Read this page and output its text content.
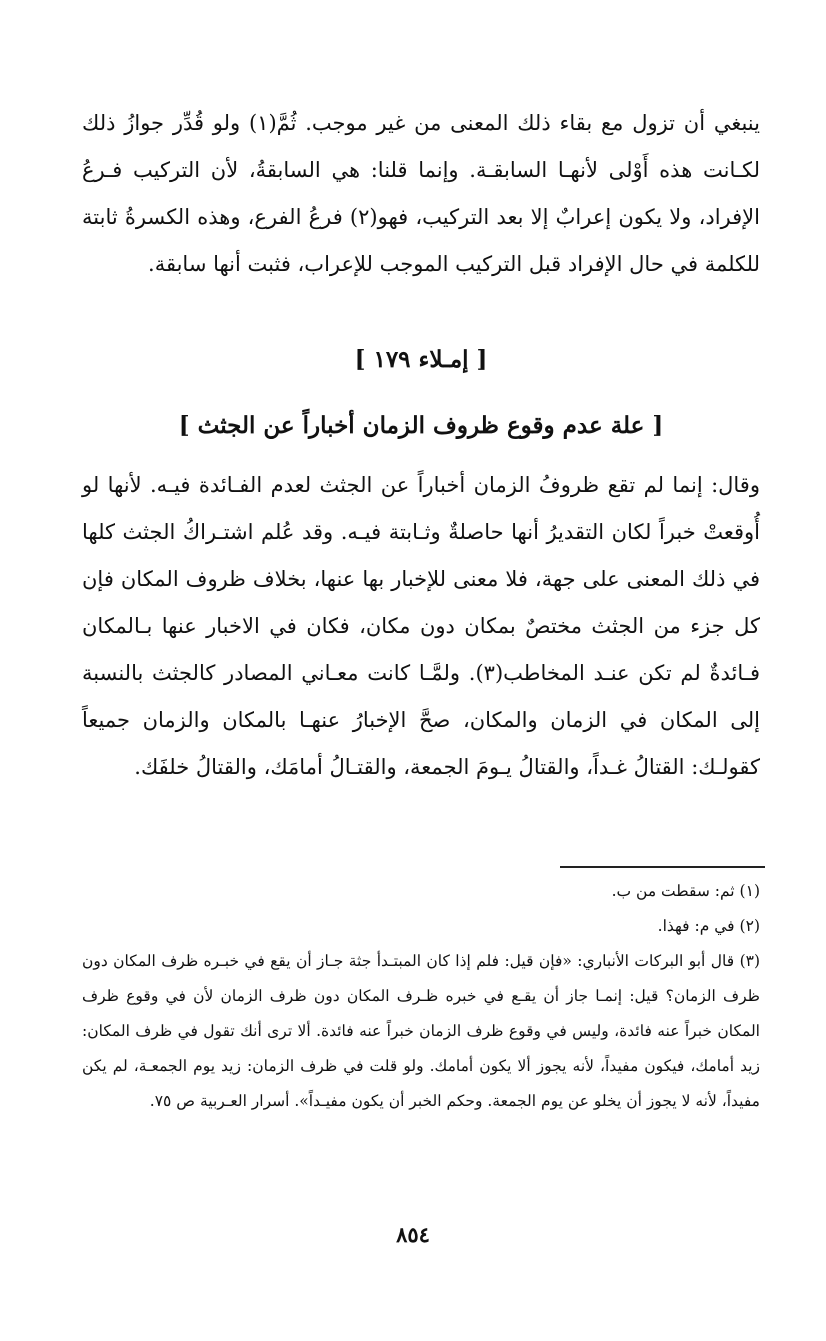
ينبغي أن تزول مع بقاء ذلك المعنى من غير موجب. ثُمَّ(١) ولو قُدِّر جوازُ ذلك لكـانت هذه أَوْلى لأنهـا السابقـة. وإنما قلنا: هي السابقةُ، لأن التركيب فـرعُ الإفراد، ولا يكون إعرابٌ إلا بعد التركيب، فهو(٢) فرعُ الفرع، وهذه الكسرةُ ثابتة للكلمة في حال الإفراد قبل التركيب الموجب للإعراب، فثبت أنها سابقة.

[ إمـلاء ١٧٩ ]

[ علة عدم وقوع ظروف الزمان أخباراً عن الجثث ]

وقال: إنما لم تقع ظروفُ الزمان أخباراً عن الجثث لعدم الفـائدة فيـه. لأنها لو أُوقعتْ خبراً لكان التقديرُ أنها حاصلةٌ وثـابتة فيـه. وقد عُلم اشتـراكُ الجثث كلها في ذلك المعنى على جهة، فلا معنى للإخبار بها عنها، بخلاف ظروف المكان فإن كل جزء من الجثث مختصٌ بمكان دون مكان، فكان في الاخبار عنها بـالمكان فـائدةٌ لم تكن عنـد المخاطب(٣). ولمَّـا كانت معـاني المصادر كالجثث بالنسبة إلى المكان في الزمان والمكان، صحَّ الإخبارُ عنهـا بالمكان والزمان جميعاً كقولـك: القتالُ غـداً، والقتالُ يـومَ الجمعة، والقتـالُ أمامَك، والقتالُ خلفَك.

(١) ثم: سقطت من ب.

(٢) في م: فهذا.

(٣) قال أبو البركات الأنباري: «فإن قيل: فلم إذا كان المبتـدأ جثة جـاز أن يقع في خبـره ظرف المكان دون ظرف الزمان؟ قيل: إنمـا جاز أن يقـع في خبره ظـرف المكان دون ظرف الزمان لأن في وقوع ظرف المكان خبراً عنه فائدة، وليس في وقوع ظرف الزمان خبراً عنه فائدة. ألا ترى أنك تقول في ظرف المكان: زيد أمامك، فيكون مفيداً، لأنه يجوز ألا يكون أمامك. ولو قلت في ظرف الزمان: زيد يوم الجمعـة، لم يكن مفيداً، لأنه لا يجوز أن يخلو عن يوم الجمعة. وحكم الخبر أن يكون مفيـداً». أسرار العـربية ص ٧٥.

٨٥٤
